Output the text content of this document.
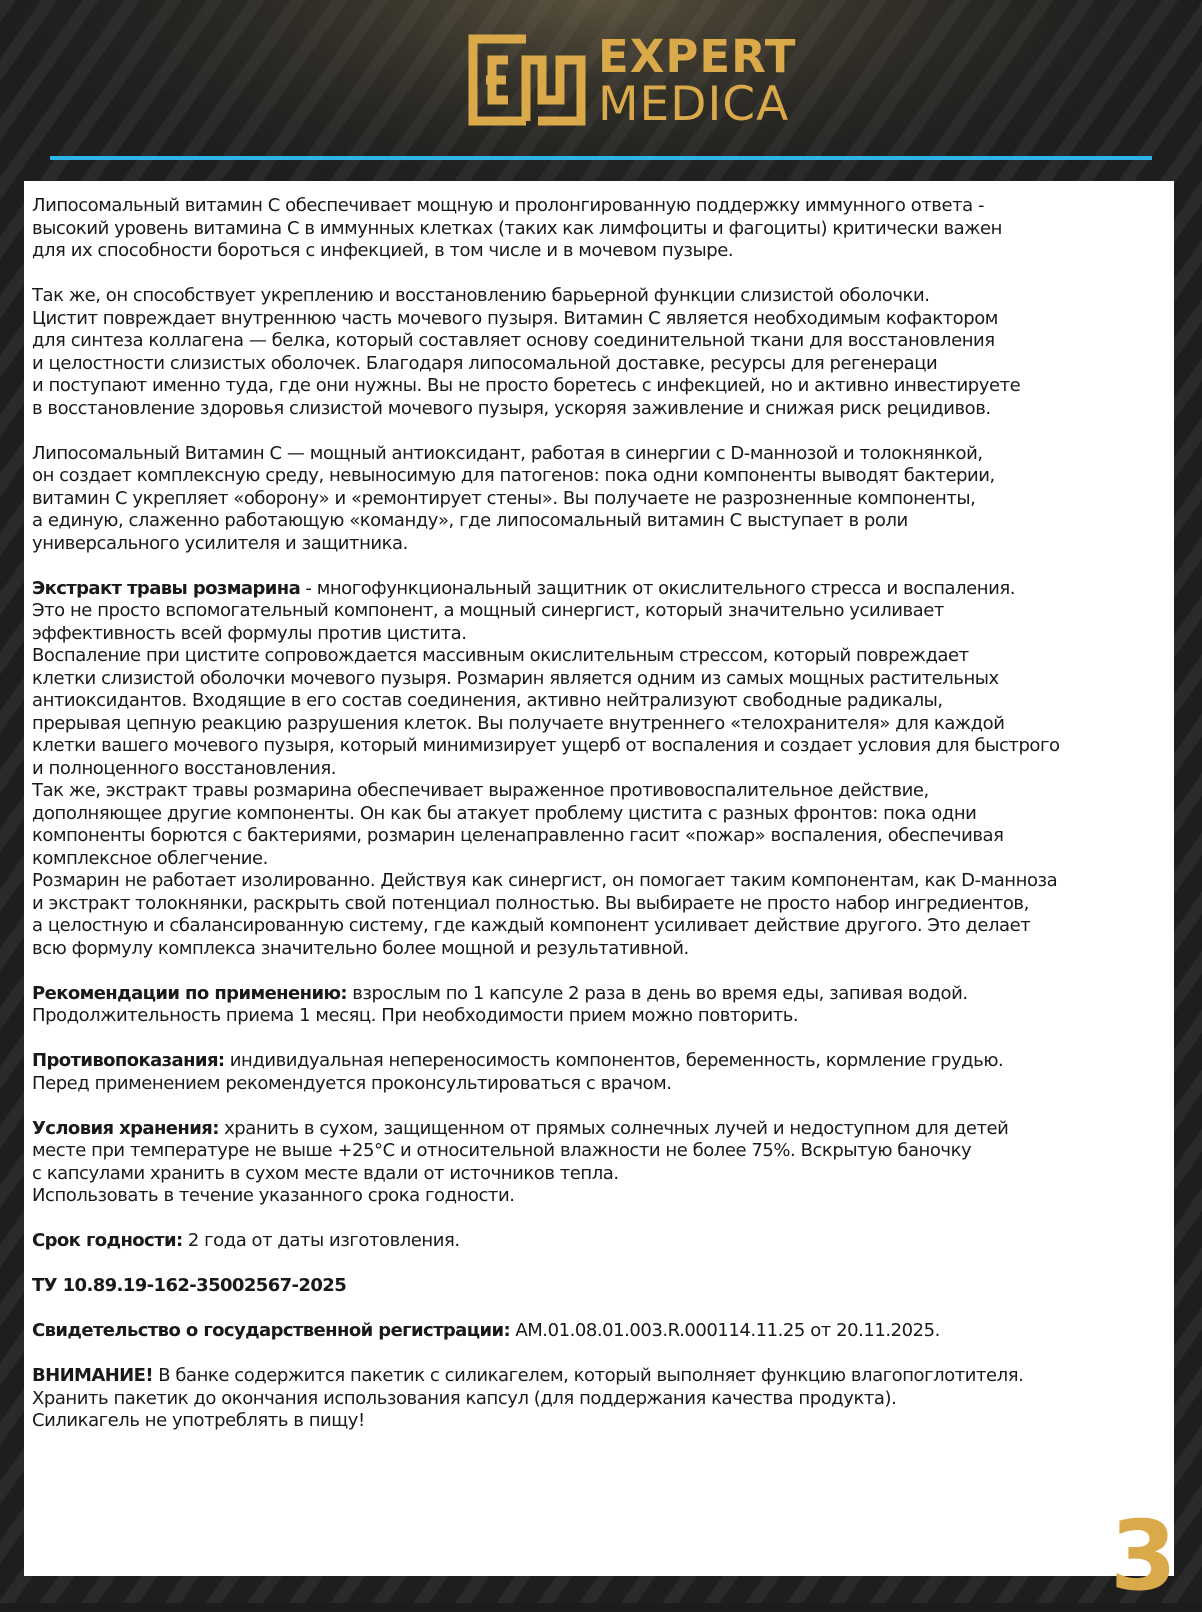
EXPERT
MEDICA

Липосомальный витамин С обеспечивает мощную и пролонгированную поддержку иммунного ответа -
высокий уровень витамина С в иммунных клетках (таких как лимфоциты и фагоциты) критически важен
для их способности бороться с инфекцией, в том числе и в мочевом пузыре.

Так же, он способствует укреплению и восстановлению барьерной функции слизистой оболочки.
Цистит повреждает внутреннюю часть мочевого пузыря. Витамин С является необходимым кофактором
для синтеза коллагена — белка, который составляет основу соединительной ткани для восстановления
и целостности слизистых оболочек. Благодаря липосомальной доставке, ресурсы для регенераци
и поступают именно туда, где они нужны. Вы не просто боретесь с инфекцией, но и активно инвестируете
в восстановление здоровья слизистой мочевого пузыря, ускоряя заживление и снижая риск рецидивов.

Липосомальный Витамин С — мощный антиоксидант, работая в синергии с D-маннозой и толокнянкой,
он создает комплексную среду, невыносимую для патогенов: пока одни компоненты выводят бактерии,
витамин С укрепляет «оборону» и «ремонтирует стены». Вы получаете не разрозненные компоненты,
а единую, слаженно работающую «команду», где липосомальный витамин С выступает в роли
универсального усилителя и защитника.

Экстракт травы розмарина - многофункциональный защитник от окислительного стресса и воспаления.
Это не просто вспомогательный компонент, а мощный синергист, который значительно усиливает
эффективность всей формулы против цистита.
Воспаление при цистите сопровождается массивным окислительным стрессом, который повреждает
клетки слизистой оболочки мочевого пузыря. Розмарин является одним из самых мощных растительных
антиоксидантов. Входящие в его состав соединения, активно нейтрализуют свободные радикалы,
прерывая цепную реакцию разрушения клеток. Вы получаете внутреннего «телохранителя» для каждой
клетки вашего мочевого пузыря, который минимизирует ущерб от воспаления и создает условия для быстрого
и полноценного восстановления.
Так же, экстракт травы розмарина обеспечивает выраженное противовоспалительное действие,
дополняющее другие компоненты. Он как бы атакует проблему цистита с разных фронтов: пока одни
компоненты борются с бактериями, розмарин целенаправленно гасит «пожар» воспаления, обеспечивая
комплексное облегчение.
Розмарин не работает изолированно. Действуя как синергист, он помогает таким компонентам, как D-манноза
и экстракт толокнянки, раскрыть свой потенциал полностью. Вы выбираете не просто набор ингредиентов,
а целостную и сбалансированную систему, где каждый компонент усиливает действие другого. Это делает
всю формулу комплекса значительно более мощной и результативной.

Рекомендации по применению: взрослым по 1 капсуле 2 раза в день во время еды, запивая водой.
Продолжительность приема 1 месяц. При необходимости прием можно повторить.

Противопоказания: индивидуальная непереносимость компонентов, беременность, кормление грудью.
Перед применением рекомендуется проконсультироваться с врачом.

Условия хранения: хранить в сухом, защищенном от прямых солнечных лучей и недоступном для детей
месте при температуре не выше +25°С и относительной влажности не более 75%. Вскрытую баночку
с капсулами хранить в сухом месте вдали от источников тепла.
Использовать в течение указанного срока годности.

Срок годности: 2 года от даты изготовления.

ТУ 10.89.19-162-35002567-2025

Свидетельство о государственной регистрации: АМ.01.08.01.003.R.000114.11.25 от 20.11.2025.

ВНИМАНИЕ! В банке содержится пакетик с силикагелем, который выполняет функцию влагопоглотителя.
Хранить пакетик до окончания использования капсул (для поддержания качества продукта).
Силикагель не употреблять в пищу!

3
